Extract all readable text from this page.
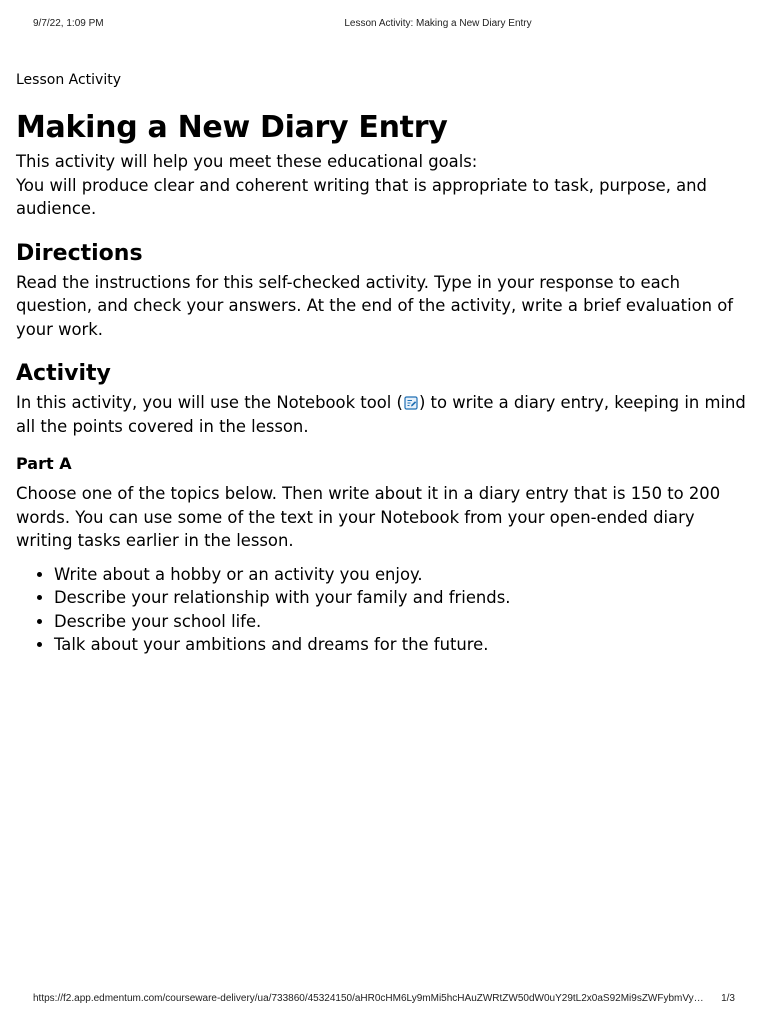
9/7/22, 1:09 PM	Lesson Activity: Making a New Diary Entry

Lesson Activity

Making a New Diary Entry

This activity will help you meet these educational goals:

You will produce clear and coherent writing that is appropriate to task, purpose, and audience.

Directions

Read the instructions for this self-checked activity. Type in your response to each question, and check your answers. At the end of the activity, write a brief evaluation of your work.

Activity

In this activity, you will use the Notebook tool ( ) to write a diary entry, keeping in mind all the points covered in the lesson.

Part A

Choose one of the topics below. Then write about it in a diary entry that is 150 to 200 words. You can use some of the text in your Notebook from your open-ended diary writing tasks earlier in the lesson.

• Write about a hobby or an activity you enjoy.
• Describe your relationship with your family and friends.
• Describe your school life.
• Talk about your ambitions and dreams for the future.
https://f2.app.edmentum.com/courseware-delivery/ua/733860/45324150/aHR0cHM6Ly9mMi5hcHAuZWRtZW50dW0uY29tL2x0aS92Mi9sZWFybmVy…	1/3
